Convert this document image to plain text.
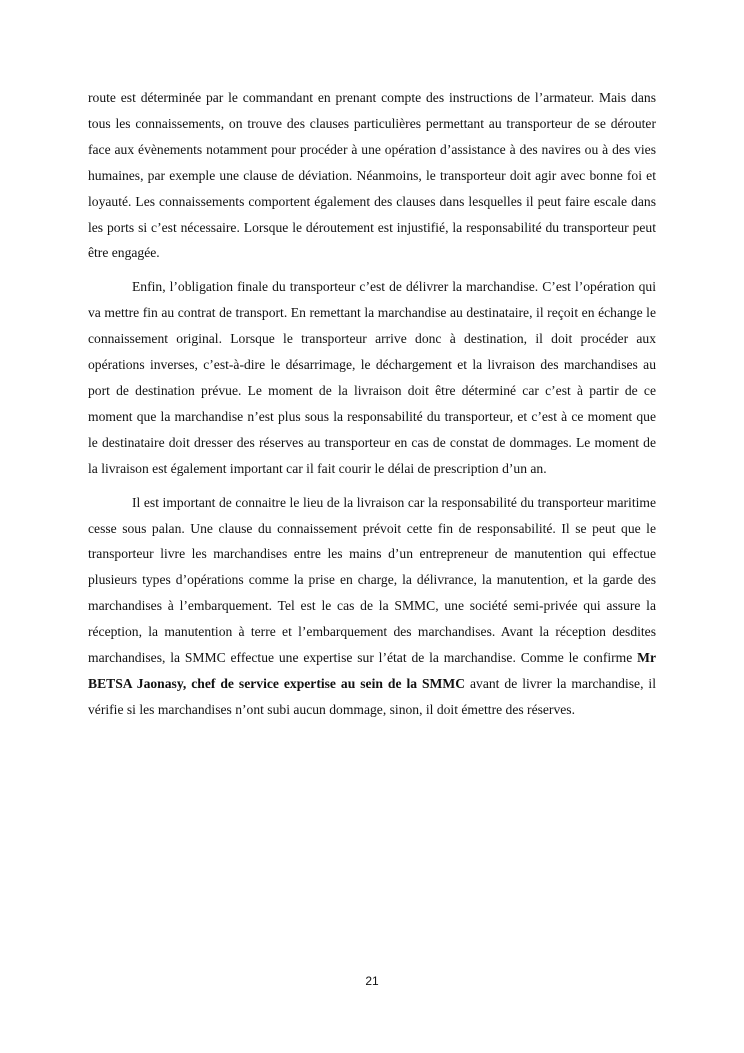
route est déterminée par le commandant en prenant compte des instructions de l’armateur. Mais dans tous les connaissements, on trouve des clauses particulières permettant au transporteur de se dérouter face aux évènements notamment pour procéder à une opération d’assistance à des navires ou à des vies humaines, par exemple une clause de déviation. Néanmoins, le transporteur doit agir avec bonne foi et loyauté. Les connaissements comportent également des clauses dans lesquelles il peut faire escale dans les ports si c’est nécessaire. Lorsque le déroutement est injustifié, la responsabilité du transporteur peut être engagée.

Enfin, l’obligation finale du transporteur c’est de délivrer la marchandise. C’est l’opération qui va mettre fin au contrat de transport. En remettant la marchandise au destinataire, il reçoit en échange le connaissement original. Lorsque le transporteur arrive donc à destination, il doit procéder aux opérations inverses, c’est-à-dire le désarrimage, le déchargement et la livraison des marchandises au port de destination prévue. Le moment de la livraison doit être déterminé car c’est à partir de ce moment que la marchandise n’est plus sous la responsabilité du transporteur, et c’est à ce moment que le destinataire doit dresser des réserves au transporteur en cas de constat de dommages. Le moment de la livraison est également important car il fait courir le délai de prescription d’un an.

Il est important de connaitre le lieu de la livraison car la responsabilité du transporteur maritime cesse sous palan. Une clause du connaissement prévoit cette fin de responsabilité. Il se peut que le transporteur livre les marchandises entre les mains d’un entrepreneur de manutention qui effectue plusieurs types d’opérations comme la prise en charge, la délivrance, la manutention, et la garde des marchandises à l’embarquement. Tel est le cas de la SMMC, une société semi-privée qui assure la réception, la manutention à terre et l’embarquement des marchandises. Avant la réception desdites marchandises, la SMMC effectue une expertise sur l’état de la marchandise. Comme le confirme Mr BETSA Jaonasy, chef de service expertise au sein de la SMMC avant de livrer la marchandise, il vérifie si les marchandises n’ont subi aucun dommage, sinon, il doit émettre des réserves.

21
